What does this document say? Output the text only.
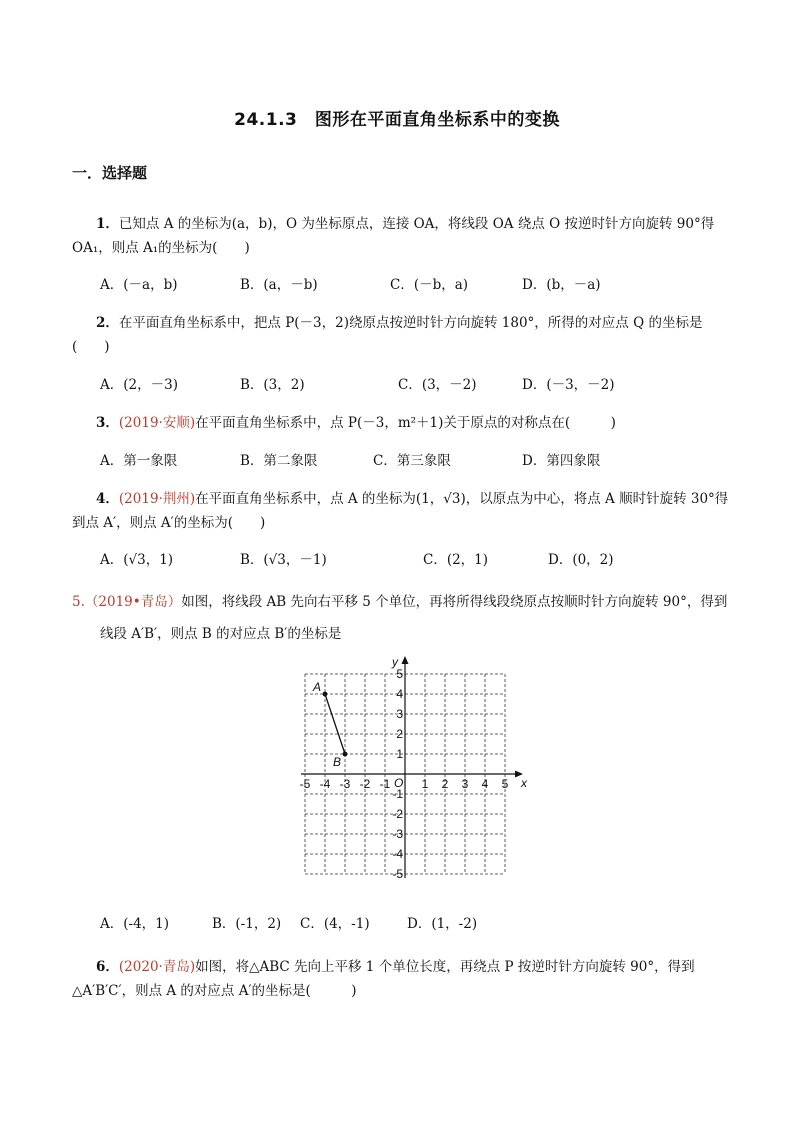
24.1.3　图形在平面直角坐标系中的变换
一．选择题
1．已知点 A 的坐标为(a，b)，O 为坐标原点，连接 OA，将线段 OA 绕点 O 按逆时针方向旋转 90°得
OA₁，则点 A₁的坐标为(　　)
A．(－a，b)	B．(a，－b)	C．(－b，a)	D．(b，－a)
2．在平面直角坐标系中，把点 P(－3，2)绕原点按逆时针方向旋转 180°，所得的对应点 Q 的坐标是
(　　)
A．(2，－3)	B．(3，2)	C．(3，－2)	D．(－3，－2)
3．(2019·安顺)在平面直角坐标系中，点 P(－3，m²＋1)关于原点的对称点在(　　　)
A．第一象限	B．第二象限	C．第三象限	D．第四象限
4．(2019·荆州)在平面直角坐标系中，点 A 的坐标为(1，√3)，以原点为中心，将点 A 顺时针旋转 30°得
到点 A′，则点 A′的坐标为(　　)
A．(√3，1)	B．(√3，－1)	C．(2，1)	D．(0，2)
5.（2019•青岛）如图，将线段 AB 先向右平移 5 个单位，再将所得线段绕原点按顺时针方向旋转 90°，得到
线段 A′B′，则点 B 的对应点 B′的坐标是
x
y
O
-5 -4 -3 -2 -1	1 2 3 4 5
5
4
3
2
1
-1
-2
-3
-4
-5
A
B
A．(-4，1)	B．(-1，2) C．(4，-1)	D．(1，-2)
6．(2020·青岛)如图，将△ABC 先向上平移 1 个单位长度，再绕点 P 按逆时针方向旋转 90°，得到
△A′B′C′，则点 A 的对应点 A′的坐标是(　　　)
